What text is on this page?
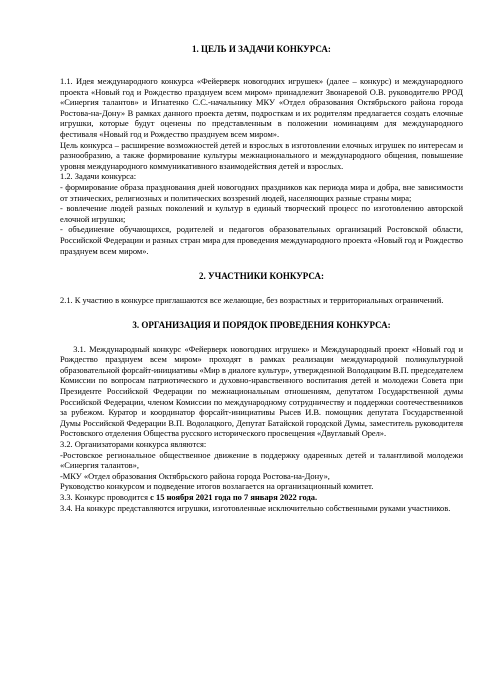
1. ЦЕЛЬ И ЗАДАЧИ КОНКУРСА:

1.1. Идея международного конкурса «Фейерверк новогодних игрушек» (далее – конкурс) и международного проекта «Новый год и Рождество празднуем всем миром» принадлежит Звонаревой О.В. руководителю РРОД «Синергия талантов» и Игнатенко С.С.-начальнику МКУ «Отдел образования Октябрьского района города Ростова-на-Дону» В рамках данного проекта детям, подросткам и их родителям предлагается создать елочные игрушки, которые будут оценены по представленным в положении номинациям для международного фестиваля «Новый год и Рождество празднуем всем миром».

Цель конкурса – расширение возможностей детей и взрослых в изготовлении елочных игрушек по интересам и разнообразию, а также формирование культуры межнационального и международного общения, повышение уровня международного коммуникативного взаимодействия детей и взрослых.

1.2. Задачи конкурса:

- формирование образа празднования дней новогодних праздников как периода мира и добра, вне зависимости от этнических, религиозных и политических воззрений людей, населяющих разные страны мира;

- вовлечение людей разных поколений и культур в единый творческий процесс по изготовлению авторской елочной игрушки;

- объединение обучающихся, родителей и педагогов образовательных организаций Ростовской области, Российской Федерации и разных стран мира для проведения международного проекта «Новый год и Рождество празднуем всем миром».

2. УЧАСТНИКИ КОНКУРСА:

2.1. К участию в конкурсе приглашаются все желающие, без возрастных и территориальных ограничений.

3. ОРГАНИЗАЦИЯ И ПОРЯДОК ПРОВЕДЕНИЯ КОНКУРСА:

3.1. Международный конкурс «Фейерверк новогодних игрушек» и Международный проект «Новый год и Рождество празднуем всем миром» проходят в рамках реализации международной поликультурной образовательной форсайт-инициативы «Мир в диалоге культур», утвержденной Володацким В.П. председателем Комиссии по вопросам патриотического и духовно-нравственного воспитания детей и молодежи Совета при Президенте Российской Федерации по межнациональным отношениям, депутатом Государственной думы Российской Федерации, членом Комиссии по международному сотрудничеству и поддержки соотечественников за рубежом. Куратор и координатор форсайт-инициативы Рысев И.В. помощник депутата Государственной Думы Российской Федерации В.П. Водолацкого, Депутат Батайской городской Думы, заместитель руководителя Ростовского отделения Общества русского исторического просвещения «Двуглавый Орел».

3.2. Организаторами конкурса являются:

-Ростовское региональное общественное движение в поддержку одаренных детей и талантливой молодежи «Синергия талантов»,

-МКУ «Отдел образования Октябрьского района города Ростова-на-Дону»,

Руководство конкурсом и подведение итогов возлагается на организационный комитет.

3.3. Конкурс проводится с 15 ноября 2021 года по 7 января 2022 года.

3.4. На конкурс представляются игрушки, изготовленные исключительно собственными руками участников.
